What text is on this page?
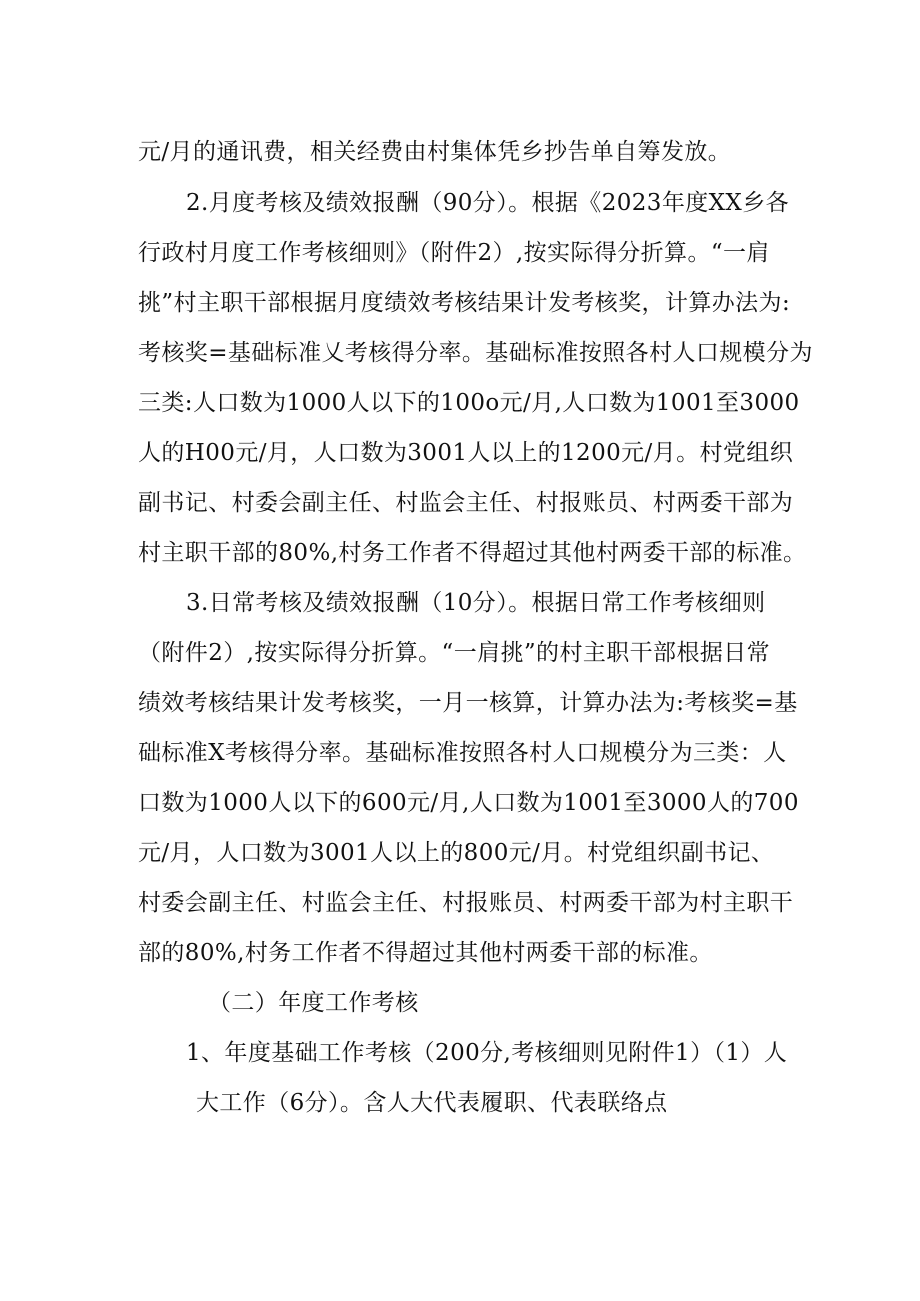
元/月的通讯费，相关经费由村集体凭乡抄告单自筹发放。
2.月度考核及绩效报酬（90分）。根据《2023年度XX乡各
行政村月度工作考核细则》（附件2）,按实际得分折算。“一肩
挑”村主职干部根据月度绩效考核结果计发考核奖，计算办法为:
考核奖=基础标准乂考核得分率。基础标准按照各村人口规模分为
三类:人口数为1000人以下的100o元/月,人口数为1001至3000
人的H00元/月，人口数为3001人以上的1200元/月。村党组织
副书记、村委会副主任、村监会主任、村报账员、村两委干部为
村主职干部的80%,村务工作者不得超过其他村两委干部的标准。
3.日常考核及绩效报酬（10分）。根据日常工作考核细则
（附件2）,按实际得分折算。“一肩挑”的村主职干部根据日常
绩效考核结果计发考核奖，一月一核算，计算办法为:考核奖=基
础标准X考核得分率。基础标准按照各村人口规模分为三类：人
口数为1000人以下的600元/月,人口数为1001至3000人的700
元/月，人口数为3001人以上的800元/月。村党组织副书记、
村委会副主任、村监会主任、村报账员、村两委干部为村主职干
部的80%,村务工作者不得超过其他村两委干部的标准。
（二）年度工作考核
1、年度基础工作考核（200分,考核细则见附件1）（1）人
大工作（6分）。含人大代表履职、代表联络点
